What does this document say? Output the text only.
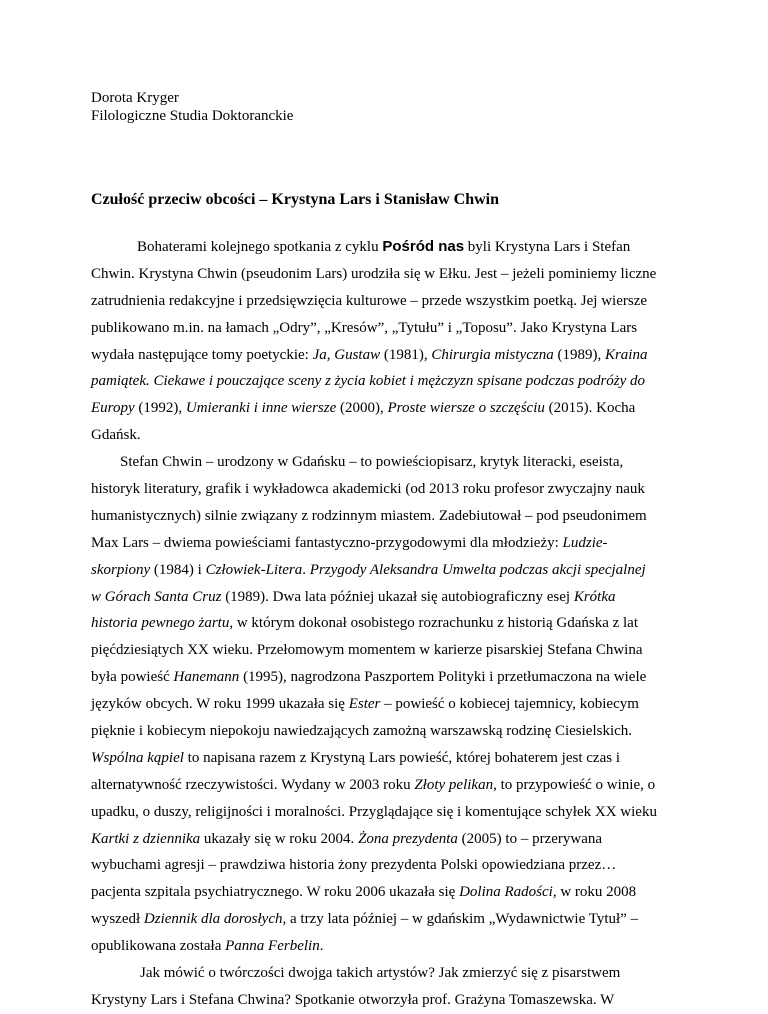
Dorota Kryger
Filologiczne Studia Doktoranckie
Czułość przeciw obcości – Krystyna Lars i Stanisław Chwin
Bohaterami kolejnego spotkania z cyklu Pośród nas byli Krystyna Lars i Stefan
Chwin. Krystyna Chwin (pseudonim Lars) urodziła się w Ełku. Jest – jeżeli pominiemy liczne
zatrudnienia redakcyjne i przedsięwzięcia kulturowe – przede wszystkim poetką. Jej wiersze
publikowano m.in. na łamach „Odry”, „Kresów”, „Tytułu” i „Toposu”. Jako Krystyna Lars
wydała następujące tomy poetyckie: Ja, Gustaw (1981), Chirurgia mistyczna (1989), Kraina
pamiątek. Ciekawe i pouczające sceny z życia kobiet i mężczyzn spisane podczas podróży do
Europy (1992), Umieranki i inne wiersze (2000), Proste wiersze o szczęściu (2015). Kocha
Gdańsk.
Stefan Chwin – urodzony w Gdańsku – to powieściopisarz, krytyk literacki, eseista,
historyk literatury, grafik i wykładowca akademicki (od 2013 roku profesor zwyczajny nauk
humanistycznych) silnie związany z rodzinnym miastem. Zadebiutował – pod pseudonimem
Max Lars – dwiema powieściami fantastyczno-przygodowymi dla młodzieży: Ludzie-
skorpiony (1984) i Człowiek-Litera. Przygody Aleksandra Umwelta podczas akcji specjalnej
w Górach Santa Cruz (1989). Dwa lata później ukazał się autobiograficzny esej Krótka
historia pewnego żartu, w którym dokonał osobistego rozrachunku z historią Gdańska z lat
pięćdziesiątych XX wieku. Przełomowym momentem w karierze pisarskiej Stefana Chwina
była powieść Hanemann (1995), nagrodzona Paszportem Polityki i przetłumaczona na wiele
języków obcych. W roku 1999 ukazała się Ester – powieść o kobiecej tajemnicy, kobiecym
pięknie i kobiecym niepokoju nawiedzających zamożną warszawską rodzinę Ciesielskich.
Wspólna kąpiel to napisana razem z Krystyną Lars powieść, której bohaterem jest czas i
alternatywność rzeczywistości. Wydany w 2003 roku Złoty pelikan, to przypowieść o winie, o
upadku, o duszy, religijności i moralności. Przyglądające się i komentujące schyłek XX wieku
Kartki z dziennika ukazały się w roku 2004. Żona prezydenta (2005) to – przerywana
wybuchami agresji – prawdziwa historia żony prezydenta Polski opowiedziana przez…
pacjenta szpitala psychiatrycznego. W roku 2006 ukazała się Dolina Radości, w roku 2008
wyszedł Dziennik dla dorosłych, a trzy lata później – w gdańskim „Wydawnictwie Tytuł” –
opublikowana została Panna Ferbelin.
Jak mówić o twórczości dwojga takich artystów? Jak zmierzyć się z pisarstwem
Krystyny Lars i Stefana Chwina? Spotkanie otworzyła prof. Grażyna Tomaszewska. W
